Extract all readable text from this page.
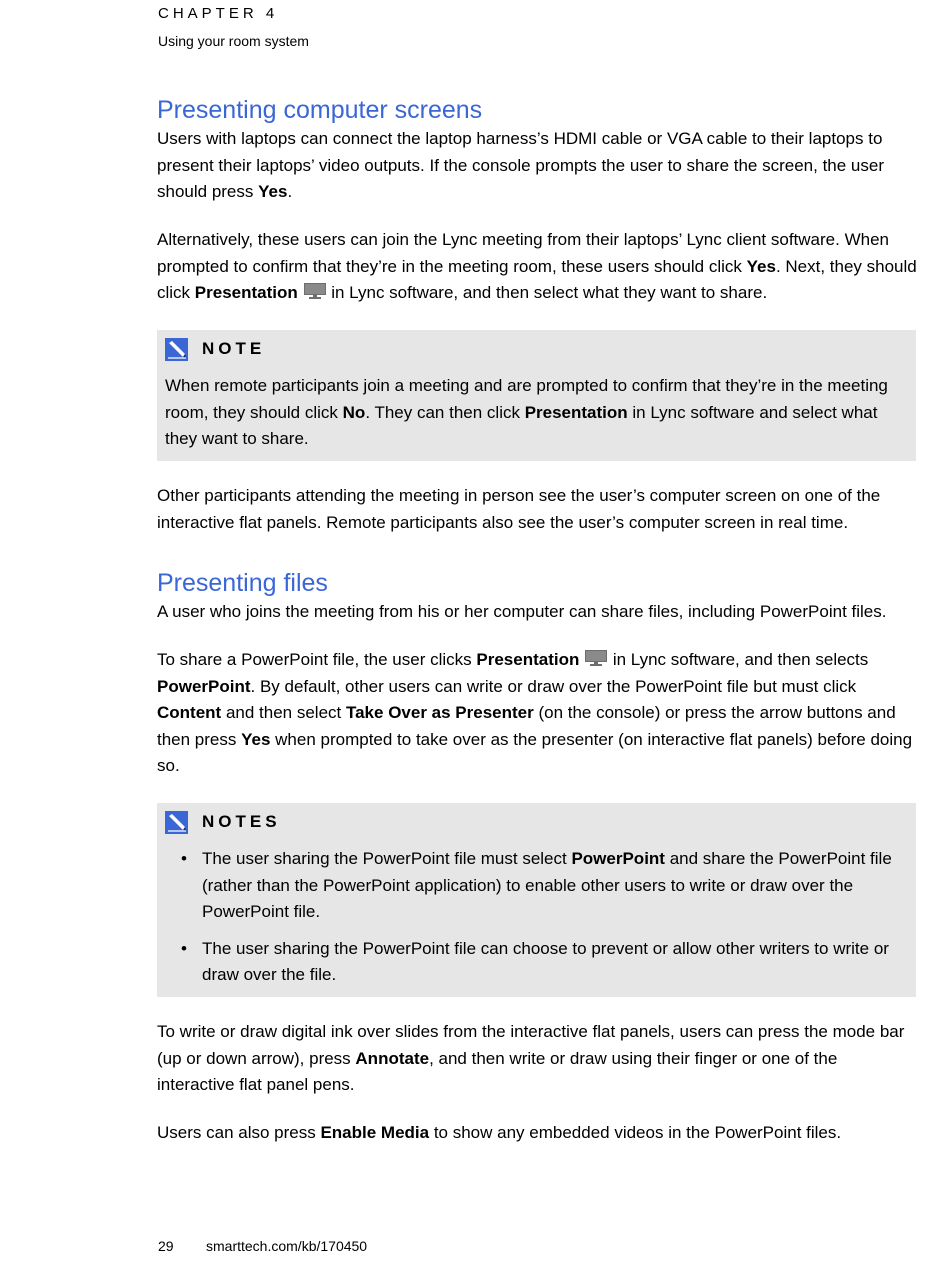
CHAPTER 4
Using your room system
Presenting computer screens

Users with laptops can connect the laptop harness’s HDMI cable or VGA cable to their laptops to present their laptops’ video outputs. If the console prompts the user to share the screen, the user should press Yes.

Alternatively, these users can join the Lync meeting from their laptops’ Lync client software. When prompted to confirm that they’re in the meeting room, these users should click Yes. Next, they should click Presentation  in Lync software, and then select what they want to share.

NOTE

When remote participants join a meeting and are prompted to confirm that they’re in the meeting room, they should click No. They can then click Presentation in Lync software and select what they want to share.

Other participants attending the meeting in person see the user’s computer screen on one of the interactive flat panels. Remote participants also see the user’s computer screen in real time.

Presenting files

A user who joins the meeting from his or her computer can share files, including PowerPoint files.

To share a PowerPoint file, the user clicks Presentation  in Lync software, and then selects PowerPoint. By default, other users can write or draw over the PowerPoint file but must click Content and then select Take Over as Presenter (on the console) or press the arrow buttons and then press Yes when prompted to take over as the presenter (on interactive flat panels) before doing so.

NOTES
• The user sharing the PowerPoint file must select PowerPoint and share the PowerPoint file (rather than the PowerPoint application) to enable other users to write or draw over the PowerPoint file.
• The user sharing the PowerPoint file can choose to prevent or allow other writers to write or draw over the file.

To write or draw digital ink over slides from the interactive flat panels, users can press the mode bar (up or down arrow), press Annotate, and then write or draw using their finger or one of the interactive flat panel pens.

Users can also press Enable Media to show any embedded videos in the PowerPoint files.

29 smarttech.com/kb/170450
